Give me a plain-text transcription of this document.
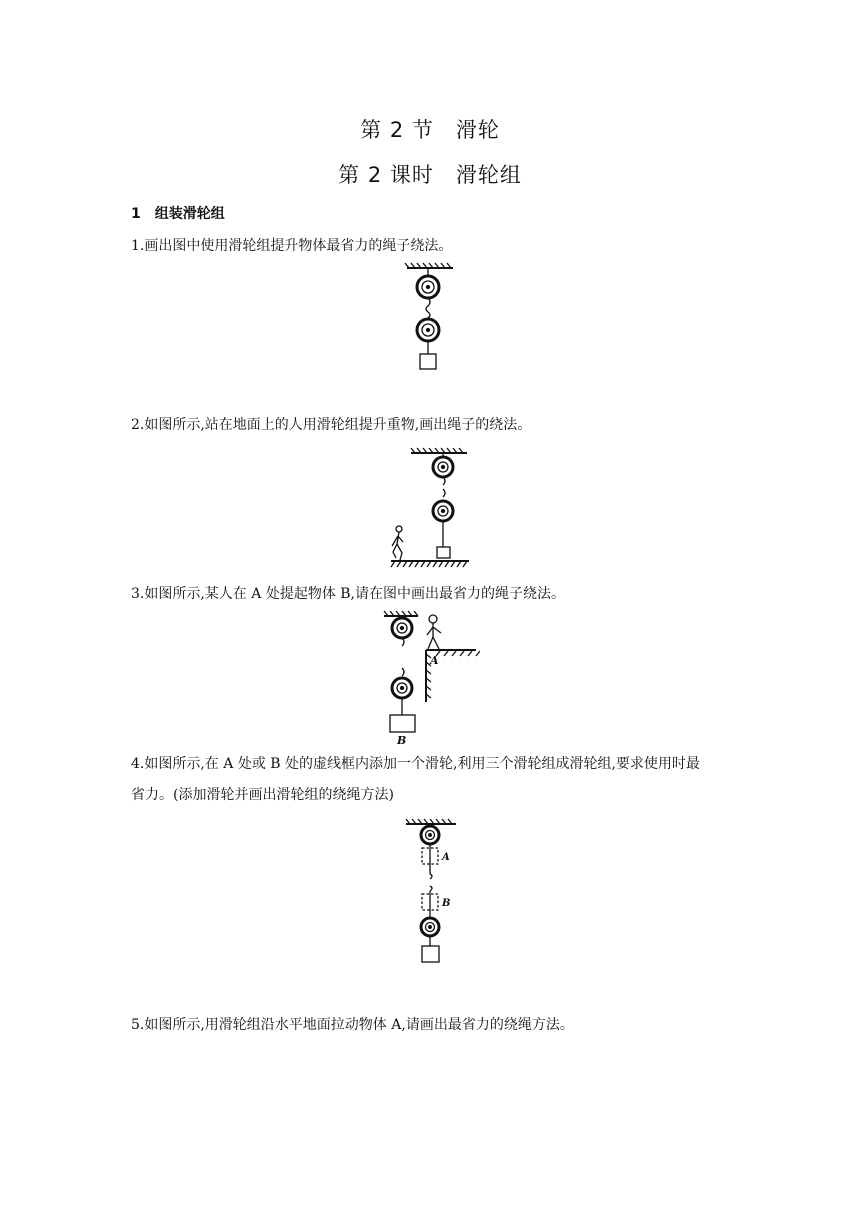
第 2 节　滑轮
第 2 课时　滑轮组
1　组装滑轮组
1.画出图中使用滑轮组提升物体最省力的绳子绕法。
2.如图所示,站在地面上的人用滑轮组提升重物,画出绳子的绕法。
3.如图所示,某人在 A 处提起物体 B,请在图中画出最省力的绳子绕法。
A
B
4.如图所示,在 A 处或 B 处的虚线框内添加一个滑轮,利用三个滑轮组成滑轮组,要求使用时最
省力。(添加滑轮并画出滑轮组的绕绳方法)
A
B
5.如图所示,用滑轮组沿水平地面拉动物体 A,请画出最省力的绕绳方法。
